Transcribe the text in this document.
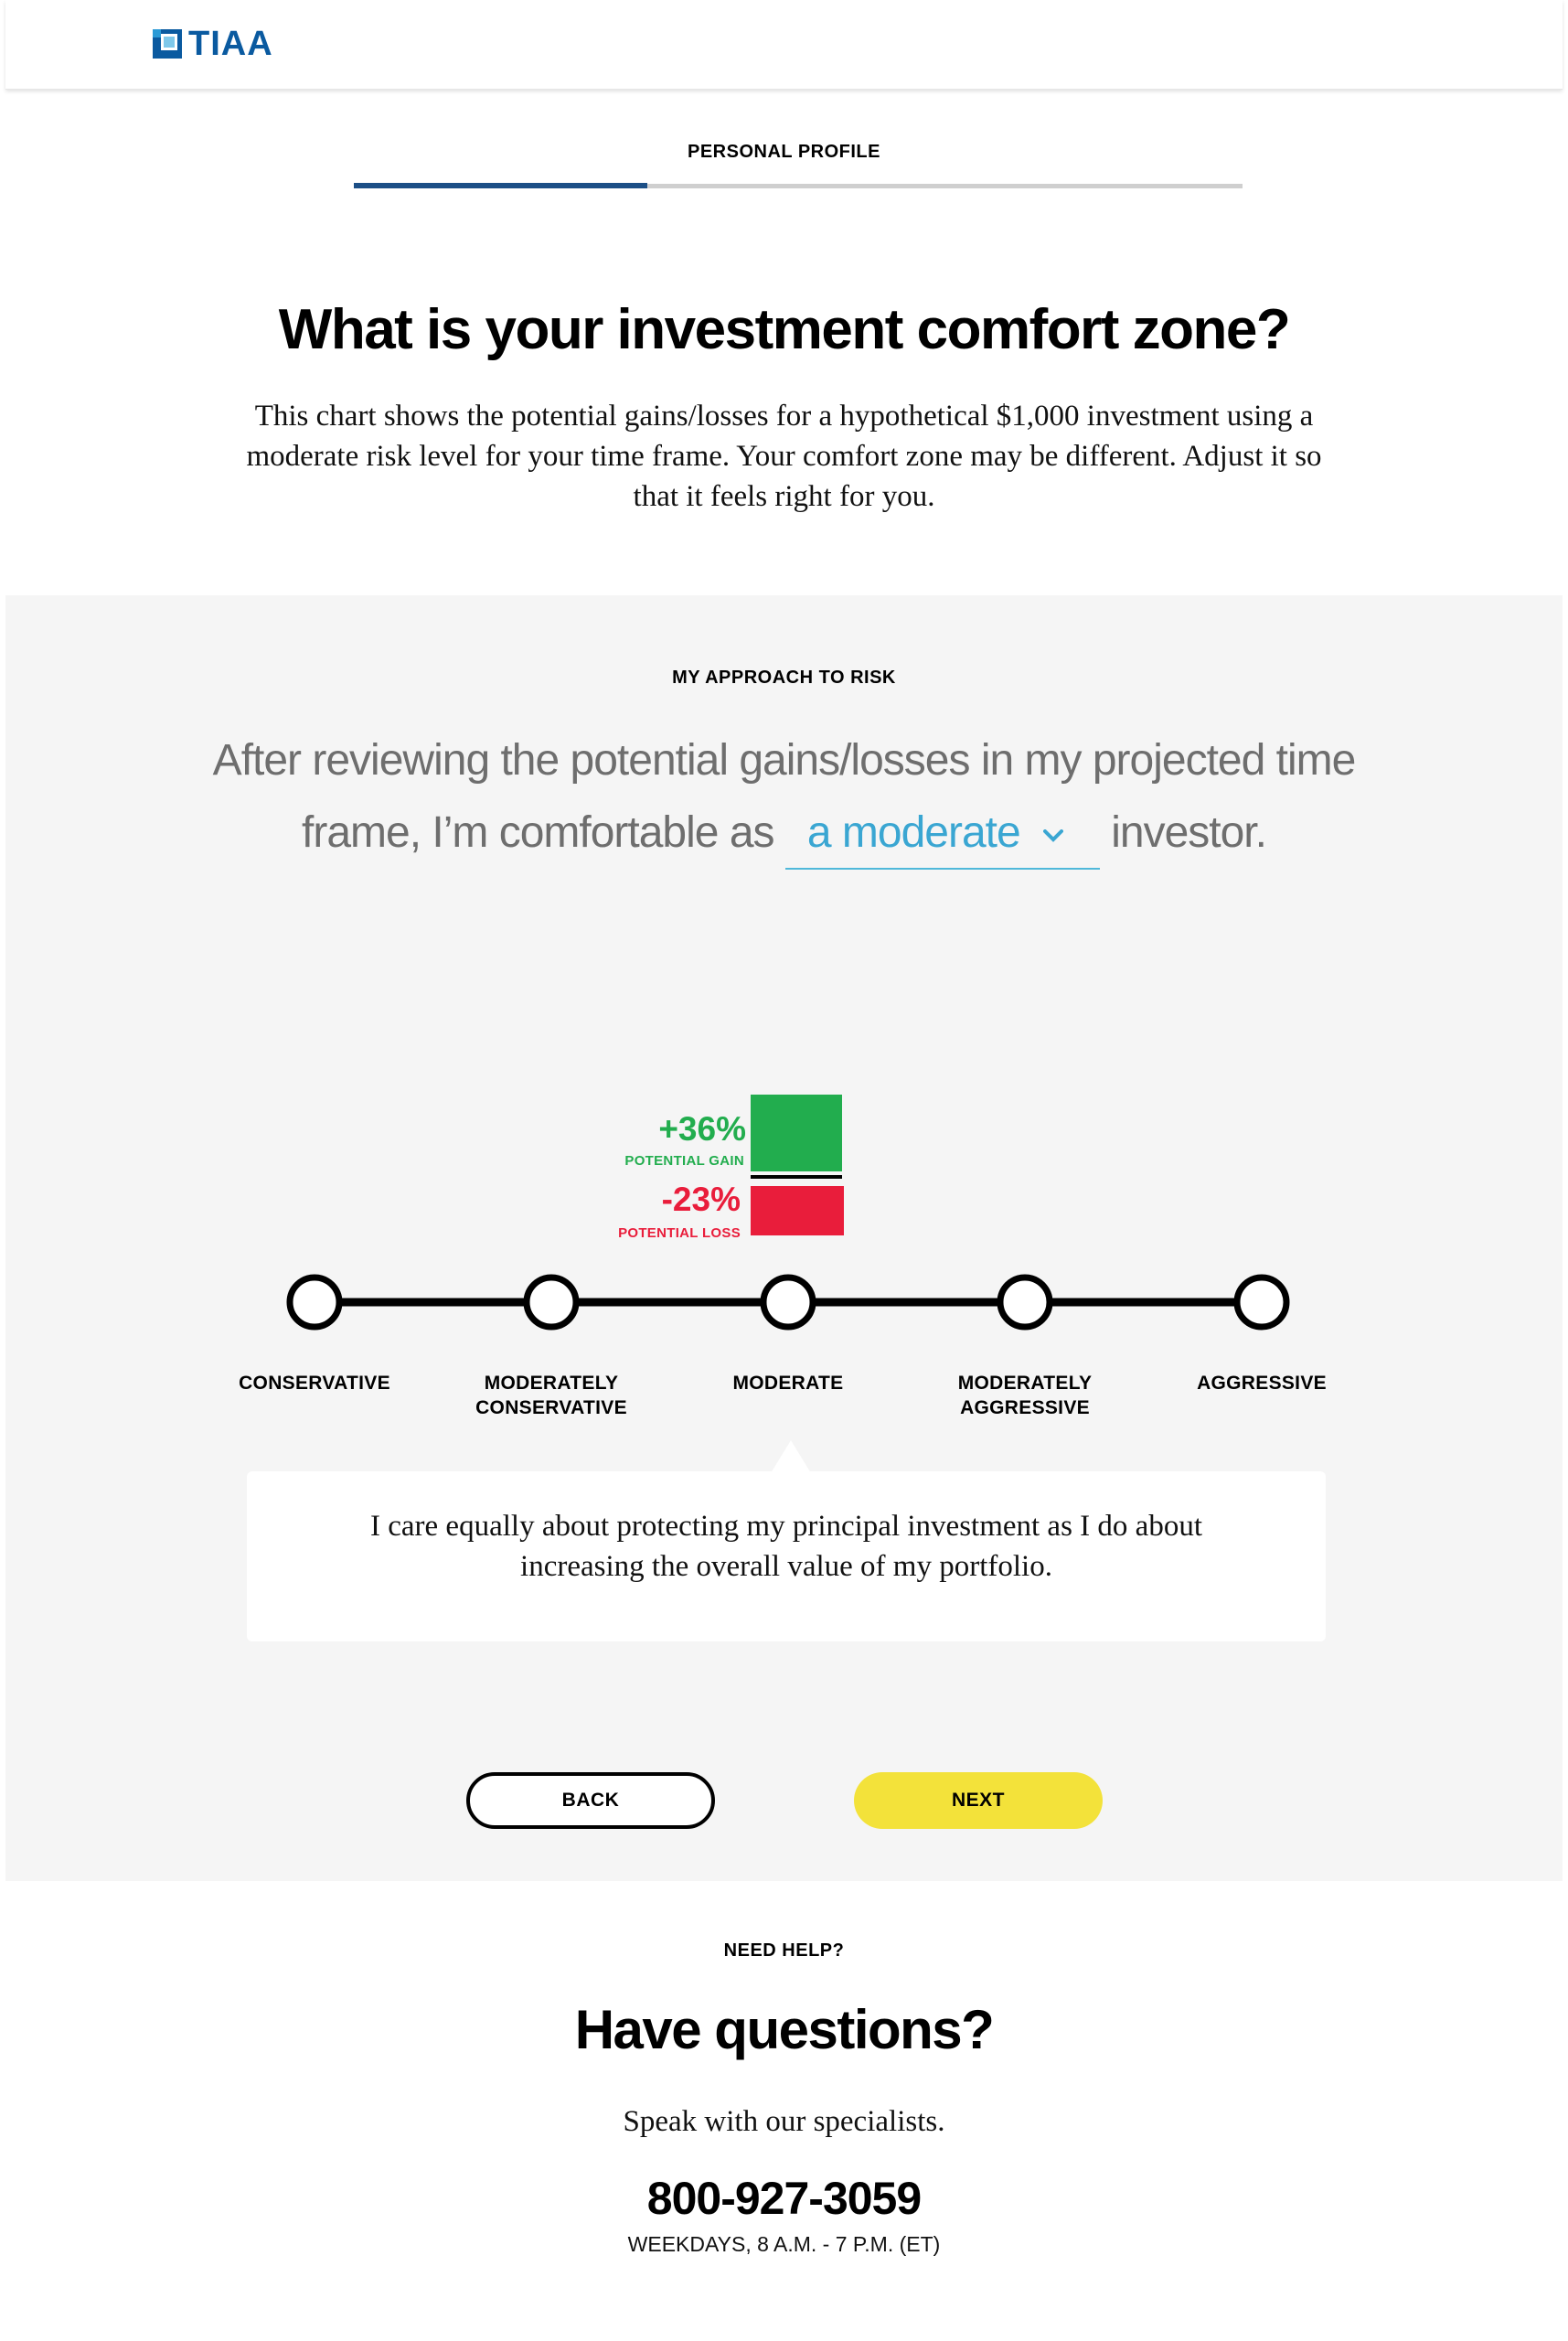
TIAA
PERSONAL PROFILE
What is your investment comfort zone?

This chart shows the potential gains/losses for a hypothetical $1,000 investment using a moderate risk level for your time frame. Your comfort zone may be different. Adjust it so that it feels right for you.

MY APPROACH TO RISK
After reviewing the potential gains/losses in my projected time
frame, I’m comfortable as a moderate investor.
+36%
POTENTIAL GAIN
-23%
POTENTIAL LOSS
CONSERVATIVE	MODERATELY CONSERVATIVE
MODERATE	MODERATELY AGGRESSIVE
AGGRESSIVE

I care equally about protecting my principal investment as I do about increasing the overall value of my portfolio.

BACK	NEXT
NEED HELP?
Have questions?

Speak with our specialists.

800-927-3059
WEEKDAYS, 8 A.M. - 7 P.M. (ET)
